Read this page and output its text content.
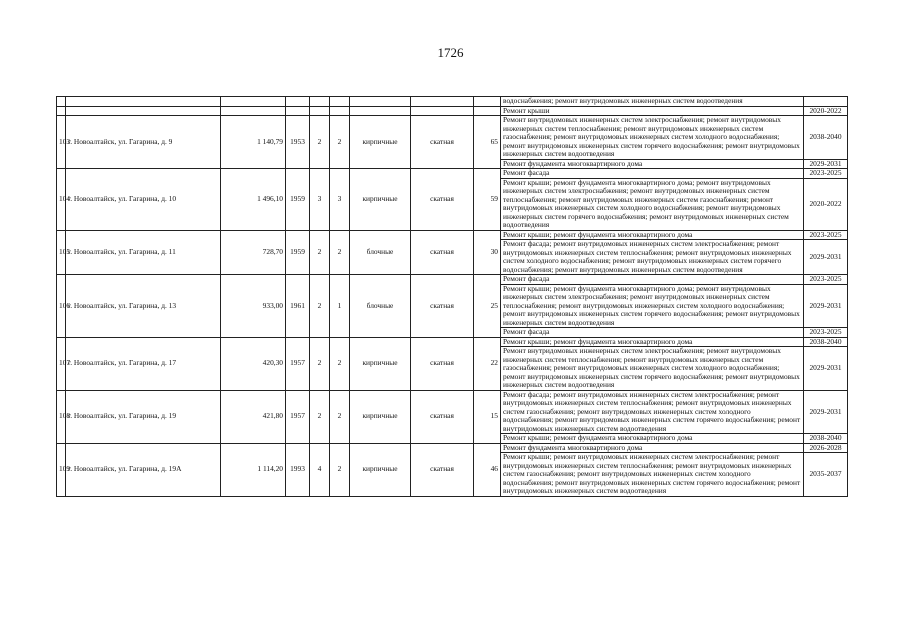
1726
									водоснабжения; ремонт внутридомовых инженерных систем водоотведения	
									Ремонт крыши	2020-2022
103	г. Новоалтайск, ул. Гагарина, д. 9	1 140,79	1953	2	2	кирпичные	скатная	65	Ремонт внутридомовых инженерных систем электроснабжения; ремонт внутридомовых инженерных систем теплоснабжения; ремонт внутридомовых инженерных систем газоснабжения; ремонт внутридомовых инженерных систем холодного водоснабжения; ремонт внутридомовых инженерных систем горячего водоснабжения; ремонт внутридомовых инженерных систем водоотведения	2038-2040
									Ремонт фундамента многоквартирного дома	2029-2031
104	г. Новоалтайск, ул. Гагарина, д. 10	1 496,10	1959	3	3	кирпичные	скатная	59	Ремонт фасада	2023-2025
									Ремонт крыши; ремонт фундамента многоквартирного дома; ремонт внутридомовых инженерных систем электроснабжения; ремонт внутридомовых инженерных систем теплоснабжения; ремонт внутридомовых инженерных систем газоснабжения; ремонт внутридомовых инженерных систем холодного водоснабжения; ремонт внутридомовых инженерных систем горячего водоснабжения; ремонт внутридомовых инженерных систем водоотведения	2020-2022
105	г. Новоалтайск, ул. Гагарина, д. 11	728,70	1959	2	2	блочные	скатная	30	Ремонт крыши; ремонт фундамента многоквартирного дома	2023-2025
									Ремонт фасада; ремонт внутридомовых инженерных систем электроснабжения; ремонт внутридомовых инженерных систем теплоснабжения; ремонт внутридомовых инженерных систем холодного водоснабжения; ремонт внутридомовых инженерных систем горячего водоснабжения; ремонт внутридомовых инженерных систем водоотведения	2029-2031
106	г. Новоалтайск, ул. Гагарина, д. 13	933,00	1961	2	1	блочные	скатная	25	Ремонт фасада	2023-2025
									Ремонт крыши; ремонт фундамента многоквартирного дома; ремонт внутридомовых инженерных систем электроснабжения; ремонт внутридомовых инженерных систем теплоснабжения; ремонт внутридомовых инженерных систем холодного водоснабжения; ремонт внутридомовых инженерных систем горячего водоснабжения; ремонт внутридомовых инженерных систем водоотведения	2029-2031
									Ремонт фасада	2023-2025
107	г. Новоалтайск, ул. Гагарина, д. 17	420,30	1957	2	2	кирпичные	скатная	22	Ремонт крыши; ремонт фундамента многоквартирного дома	2038-2040
									Ремонт внутридомовых инженерных систем электроснабжения; ремонт внутридомовых инженерных систем теплоснабжения; ремонт внутридомовых инженерных систем газоснабжения; ремонт внутридомовых инженерных систем холодного водоснабжения; ремонт внутридомовых инженерных систем горячего водоснабжения; ремонт внутридомовых инженерных систем водоотведения	2029-2031
108	г. Новоалтайск, ул. Гагарина, д. 19	421,80	1957	2	2	кирпичные	скатная	15	Ремонт фасада; ремонт внутридомовых инженерных систем электроснабжения; ремонт внутридомовых инженерных систем теплоснабжения; ремонт внутридомовых инженерных систем газоснабжения; ремонт внутридомовых инженерных систем холодного водоснабжения; ремонт внутридомовых инженерных систем горячего водоснабжения; ремонт внутридомовых инженерных систем водоотведения	2029-2031
									Ремонт крыши; ремонт фундамента многоквартирного дома	2038-2040
109	г. Новоалтайск, ул. Гагарина, д. 19А	1 114,20	1993	4	2	кирпичные	скатная	46	Ремонт фундамента многоквартирного дома	2026-2028
									Ремонт крыши; ремонт внутридомовых инженерных систем электроснабжения; ремонт внутридомовых инженерных систем теплоснабжения; ремонт внутридомовых инженерных систем газоснабжения; ремонт внутридомовых инженерных систем холодного водоснабжения; ремонт внутридомовых инженерных систем горячего водоснабжения; ремонт внутридомовых инженерных систем водоотведения	2035-2037
